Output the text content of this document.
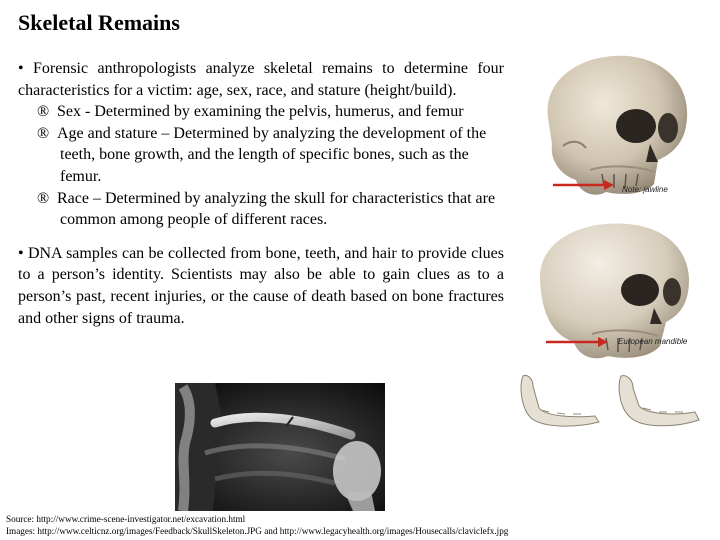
Skeletal Remains

• Forensic anthropologists analyze skeletal remains to determine four characteristics for a victim: age, sex, race, and stature (height/build).

® Sex - Determined by examining the pelvis, humerus, and femur

® Age and stature – Determined by analyzing the development of the teeth, bone growth, and the length of specific bones, such as the femur.

® Race – Determined by analyzing the skull for characteristics that are common among people of different races.

• DNA samples can be collected from bone, teeth, and hair to provide clues to a person’s identity. Scientists may also be able to gain clues as to a person’s past, recent injuries, or the cause of death based on bone fractures and other signs of trauma.

Note: jawline
European mandible
Source: http://www.crime-scene-investigator.net/excavation.html
Images: http://www.celticnz.org/images/Feedback/SkullSkeleton.JPG and http://www.legacyhealth.org/images/Housecalls/claviclefx.jpg
